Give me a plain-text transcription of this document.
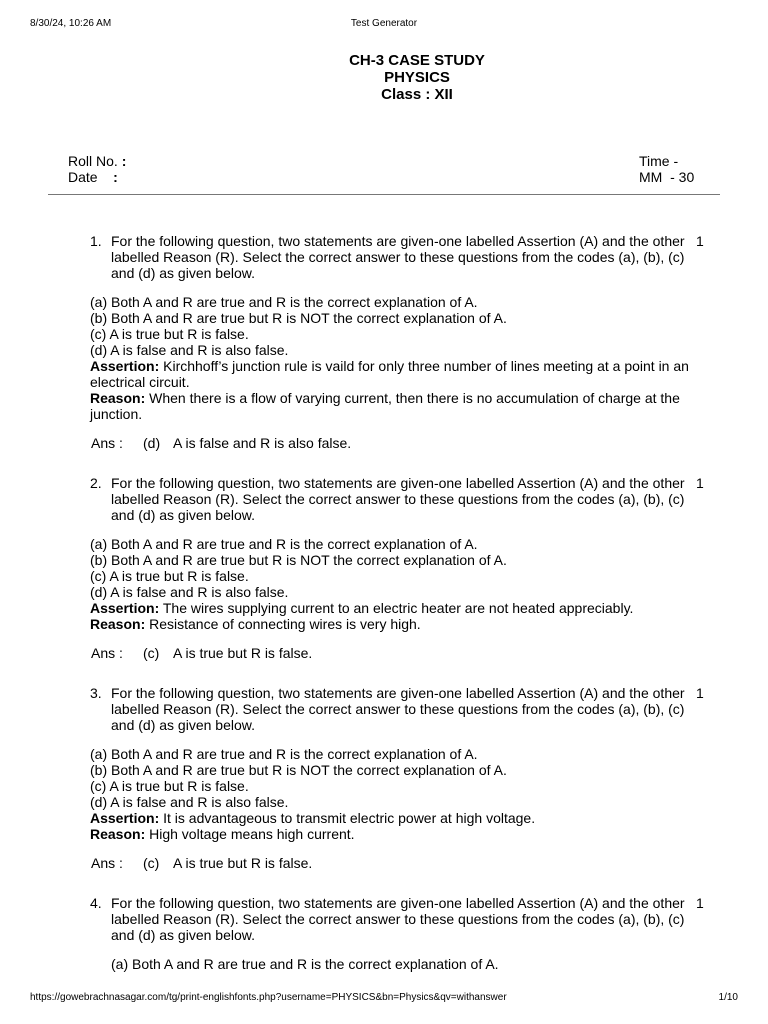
8/30/24, 10:26 AM	Test Generator
CH-3 CASE STUDY
PHYSICS
Class : XII
Roll No. :
Date :
Time -
MM  - 30
1. For the following question, two statements are given-one labelled Assertion (A) and the other labelled Reason (R). Select the correct answer to these questions from the codes (a), (b), (c) and (d) as given below.
1
(a) Both A and R are true and R is the correct explanation of A.
(b) Both A and R are true but R is NOT the correct explanation of A.
(c) A is true but R is false.
(d) A is false and R is also false.
Assertion: Kirchhoff’s junction rule is vaild for only three number of lines meeting at a point in an electrical circuit.
Reason: When there is a flow of varying current, then there is no accumulation of charge at the junction.
Ans : (d) A is false and R is also false.
2. For the following question, two statements are given-one labelled Assertion (A) and the other labelled Reason (R). Select the correct answer to these questions from the codes (a), (b), (c) and (d) as given below.
1
(a) Both A and R are true and R is the correct explanation of A.
(b) Both A and R are true but R is NOT the correct explanation of A.
(c) A is true but R is false.
(d) A is false and R is also false.
Assertion: The wires supplying current to an electric heater are not heated appreciably.
Reason: Resistance of connecting wires is very high.
Ans : (c) A is true but R is false.
3. For the following question, two statements are given-one labelled Assertion (A) and the other labelled Reason (R). Select the correct answer to these questions from the codes (a), (b), (c) and (d) as given below.
1
(a) Both A and R are true and R is the correct explanation of A.
(b) Both A and R are true but R is NOT the correct explanation of A.
(c) A is true but R is false.
(d) A is false and R is also false.
Assertion: It is advantageous to transmit electric power at high voltage.
Reason: High voltage means high current.
Ans : (c) A is true but R is false.
4. For the following question, two statements are given-one labelled Assertion (A) and the other labelled Reason (R). Select the correct answer to these questions from the codes (a), (b), (c) and (d) as given below.
1
(a) Both A and R are true and R is the correct explanation of A.
https://gowebrachnasagar.com/tg/print-englishfonts.php?username=PHYSICS&bn=Physics&qv=withanswer	1/10
